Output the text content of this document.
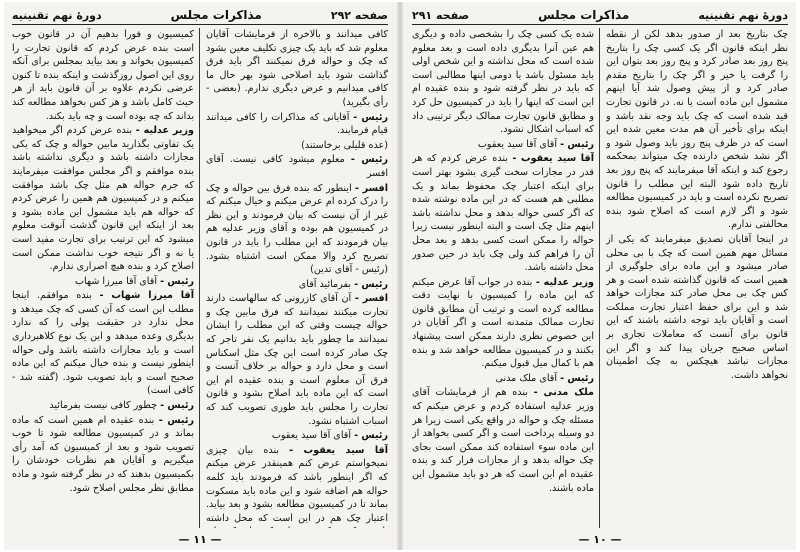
صفحه ۲۹۲
مذاکرات مجلس
دورهٔ نهم تقنینیه

کافی میدانند و بالاخره از فرمایشات آقایان معلوم شد که باید یک چیزی تکلیف معین بشود که چک و حواله فرق نمیکنند اگر باید فرق گذاشت شود باید اصلاحی شود بهر حال ما کافی میدانیم و عرض دیگری ندارم. (بعضی - رأی بگیرید)

رئیس - آقایانی که مذاکرات را کافی میدانند قیام فرمایند.

(عده قلیلی برخاستند)

رئیس - معلوم میشود کافی نیست. آقای افسر

افسر - اینطور که بنده فرق بین حواله و چک را درک کرده ام عرض میکنم و خیال میکنم که غیر از آن نیست که بیان فرمودند و این نظر در کمیسیون هم بوده و آقای وزیر عدلیه هم بیان فرمودند که این مطلب را باید در قانون تصریح کرد والا ممکن است اشتباه بشود. (رئیس - آقای تدین)

رئیس - بفرمائید آقای

افسر - آن آقای کازرونی که سالهاست دارند تجارت میکنند نمیدانند که فرق مابین چک و حواله چیست وقتی که این مطلب را ایشان نمیدانند ما چطور باید بدانیم یک نفر تاجر که چک صادر کرده است این چک مثل اسکناس است و محل دارد و حواله بر خلاف آنست و فرق آن معلوم است و بنده عقیده ام این است که این ماده باید اصلاح بشود و قانون تجارت را مجلس باید طوری تصویب کند که اسباب اشتباه نشود.

رئیس - آقای آقا سید یعقوب

آقا سید یعقوب - بنده بیان چیزی نمیخواستم عرض کنم همینقدر عرض میکنم که اگر اینطور باشد که فرمودند باید کلمه حواله هم اضافه شود و این ماده باید مسکوت بماند تا در کمیسیون مطالعه بشود و بعد بیاید. اعتبار چک هم در این است که محل داشته

کمیسیون و فورا بدهیم آن در قانون خوب است بنده عرض کردم که قانون تجارت را کمیسیون بخواند و بعد بیاید بمجلس برای آنکه روی این اصول روزگذشت و اینکه بنده تا کنون عرضی نکردم علاوه بر آن قانون باید از هر حیث کامل باشد و هر کس بخواهد مطالعه کند بداند که چه بوده است و چه باید بکند.

وزیر عدلیه - بنده عرض کردم اگر میخواهید یک تفاوتی بگذارید مابین حواله و چک که یکی مجازات داشته باشد و دیگری نداشته باشد بنده موافقم و اگر مجلس موافقت میفرمایند که جرم حواله هم مثل چک باشد موافقت میکنم و در کمیسیون هم همین را عرض کردم که حواله هم باید مشمول این ماده بشود و بعد از اینکه این قانون گذشت آنوقت معلوم میشود که این ترتیب برای تجارت مفید است یا نه و اگر نتیجه خوب نداشت ممکن است اصلاح کرد و بنده هیچ اصراری ندارم.

رئیس - آقای آقا میرزا شهاب

آقا میرزا شهاب - بنده موافقم. اینجا مطلب این است که آن کسی که چک میدهد و محل ندارد در حقیقت پولی را که ندارد بدیگری وعده میدهد و این یک نوع کلاهبرداری است و باید مجازات داشته باشد ولی حواله اینطور نیست و بنده خیال میکنم که این ماده صحیح است و باید تصویب شود. (گفته شد - کافی است)

رئیس - چطور کافی نیست بفرمائید

رئیس - بنده عقیده ام همین است که ماده بماند و در کمیسیون مطالعه شود تا خوب تصویب شود و بعد از کمیسیون که آمد رأی میگیریم و آقایان هم نظریات خودشان را بکمیسیون بدهند که در نظر گرفته شود و ماده مطابق نظر مجلس اصلاح شود.

— ۱۱ —
دورهٔ نهم تقنینیه
مذاکرات مجلس
صفحه ۲۹۱

چک بتاریخ بعد از صدور بدهد لکن از نقطه نظر اینکه قانون اگر یک کسی چک را بتاریخ پنج روز بعد صادر کرد و پنج روز بعد بتوان این را گرفت یا خیر و اگر چک را بتاریخ مقدم صادر کرد و از پیش وصول شد آیا اینهم مشمول این ماده است یا نه. در قانون تجارت قید شده است که چک باید وجه نقد باشد و اینکه برای تأخیر آن هم مدت معین شده این است که در ظرف پنج روز باید وصول شود و اگر نشد شخص دارنده چک میتواند بمحکمه رجوع کند و اینکه آقا میفرمایند که پنج روز بعد تاریخ داده شود البته این مطلب را قانون تصریح نکرده است و باید در کمیسیون مطالعه شود و اگر لازم است که اصلاح شود بنده مخالفتی ندارم.

در اینجا آقایان تصدیق میفرمایند که یکی از مسائل مهم همین است که چک با بی محلی صادر میشود و این ماده برای جلوگیری از همین است که قانون گذاشته شده است و هر کس چک بی محل صادر کند مجازات خواهد شد و این برای حفظ اعتبار تجارت مملکت است و آقایان باید توجه داشته باشند که این قانون برای آنست که معاملات تجاری بر اساس صحیح جریان پیدا کند و اگر این مجازات نباشد هیچکس به چک اطمینان نخواهد داشت.

شده یک کسی چک را بشخصی داده و دیگری هم عین آنرا بدیگری داده است و بعد معلوم شده است که محل نداشته و این شخص اولی باید مسئول باشد یا دومی اینها مطالبی است که باید در نظر گرفته شود و بنده عقیده ام این است که اینها را باید در کمیسیون حل کرد و مطابق قانون تجارت ممالک دیگر ترتیبی داد که اسباب اشکال نشود.

رئیس - آقای آقا سید یعقوب

آقا سید یعقوب - بنده عرض کردم که هر قدر در مجازات سخت گیری بشود بهتر است برای اینکه اعتبار چک محفوظ بماند و یک مطلبی هم هست که در این ماده نوشته شده که اگر کسی حواله بدهد و محل نداشته باشد اینهم مثل چک است و البته اینطور نیست زیرا حواله را ممکن است کسی بدهد و بعد محل آن را فراهم کند ولی چک باید در حین صدور محل داشته باشد.

وزیر عدلیه - بنده در جواب آقا عرض میکنم که این ماده را کمیسیون با نهایت دقت مطالعه کرده است و ترتیب آن مطابق قانون تجارت ممالک متمدنه است و اگر آقایان در این خصوص نظری دارند ممکن است پیشنهاد بکنند و در کمیسیون مطالعه خواهد شد و بنده هم با کمال میل قبول میکنم.

رئیس - آقای ملک مدنی

ملک مدنی - بنده هم از فرمایشات آقای وزیر عدلیه استفاده کردم و عرض میکنم که مسئله چک و حواله در واقع یکی است زیرا هر دو وسیله پرداخت است و اگر کسی بخواهد از این ماده سوء استفاده کند ممکن است بجای چک حواله بدهد و از مجازات فرار کند و بنده عقیده ام این است که هر دو باید مشمول این ماده باشند.

— ۱۰ —
